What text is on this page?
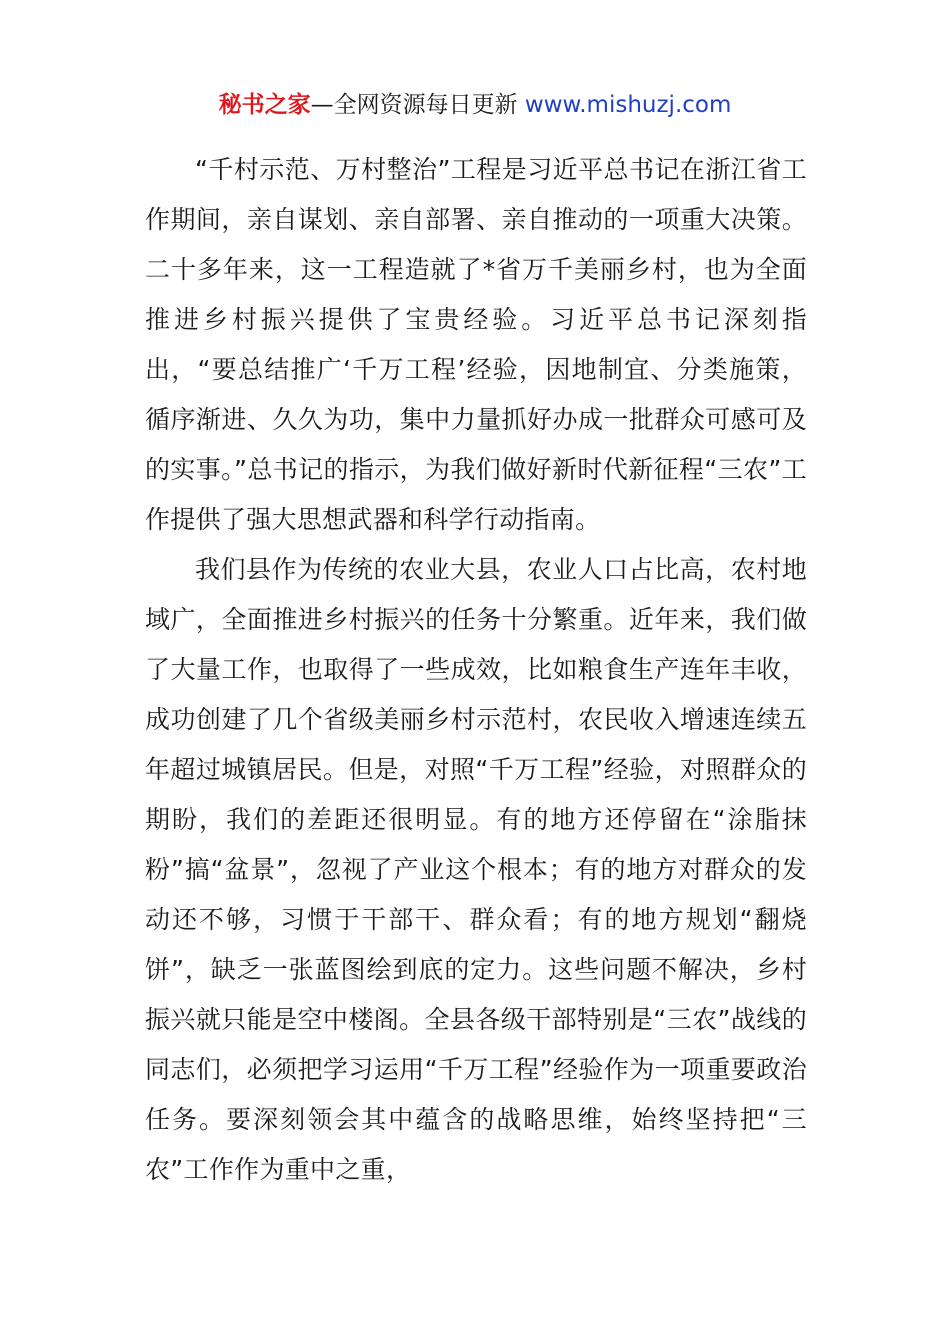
秘书之家—全网资源每日更新 www.mishuzj.com

“千村示范、万村整治”工程是习近平总书记在浙江省工作期间，亲自谋划、亲自部署、亲自推动的一项重大决策。二十多年来，这一工程造就了*省万千美丽乡村，也为全面推进乡村振兴提供了宝贵经验。习近平总书记深刻指出，“要总结推广‘千万工程’经验，因地制宜、分类施策，循序渐进、久久为功，集中力量抓好办成一批群众可感可及的实事。”总书记的指示，为我们做好新时代新征程“三农”工作提供了强大思想武器和科学行动指南。

我们县作为传统的农业大县，农业人口占比高，农村地域广，全面推进乡村振兴的任务十分繁重。近年来，我们做了大量工作，也取得了一些成效，比如粮食生产连年丰收，成功创建了几个省级美丽乡村示范村，农民收入增速连续五年超过城镇居民。但是，对照“千万工程”经验，对照群众的期盼，我们的差距还很明显。有的地方还停留在“涂脂抹粉”搞“盆景”，忽视了产业这个根本；有的地方对群众的发动还不够，习惯于干部干、群众看；有的地方规划“翻烧饼”，缺乏一张蓝图绘到底的定力。这些问题不解决，乡村振兴就只能是空中楼阁。全县各级干部特别是“三农”战线的同志们，必须把学习运用“千万工程”经验作为一项重要政治任务。要深刻领会其中蕴含的战略思维，始终坚持把“三农”工作作为重中之重，
